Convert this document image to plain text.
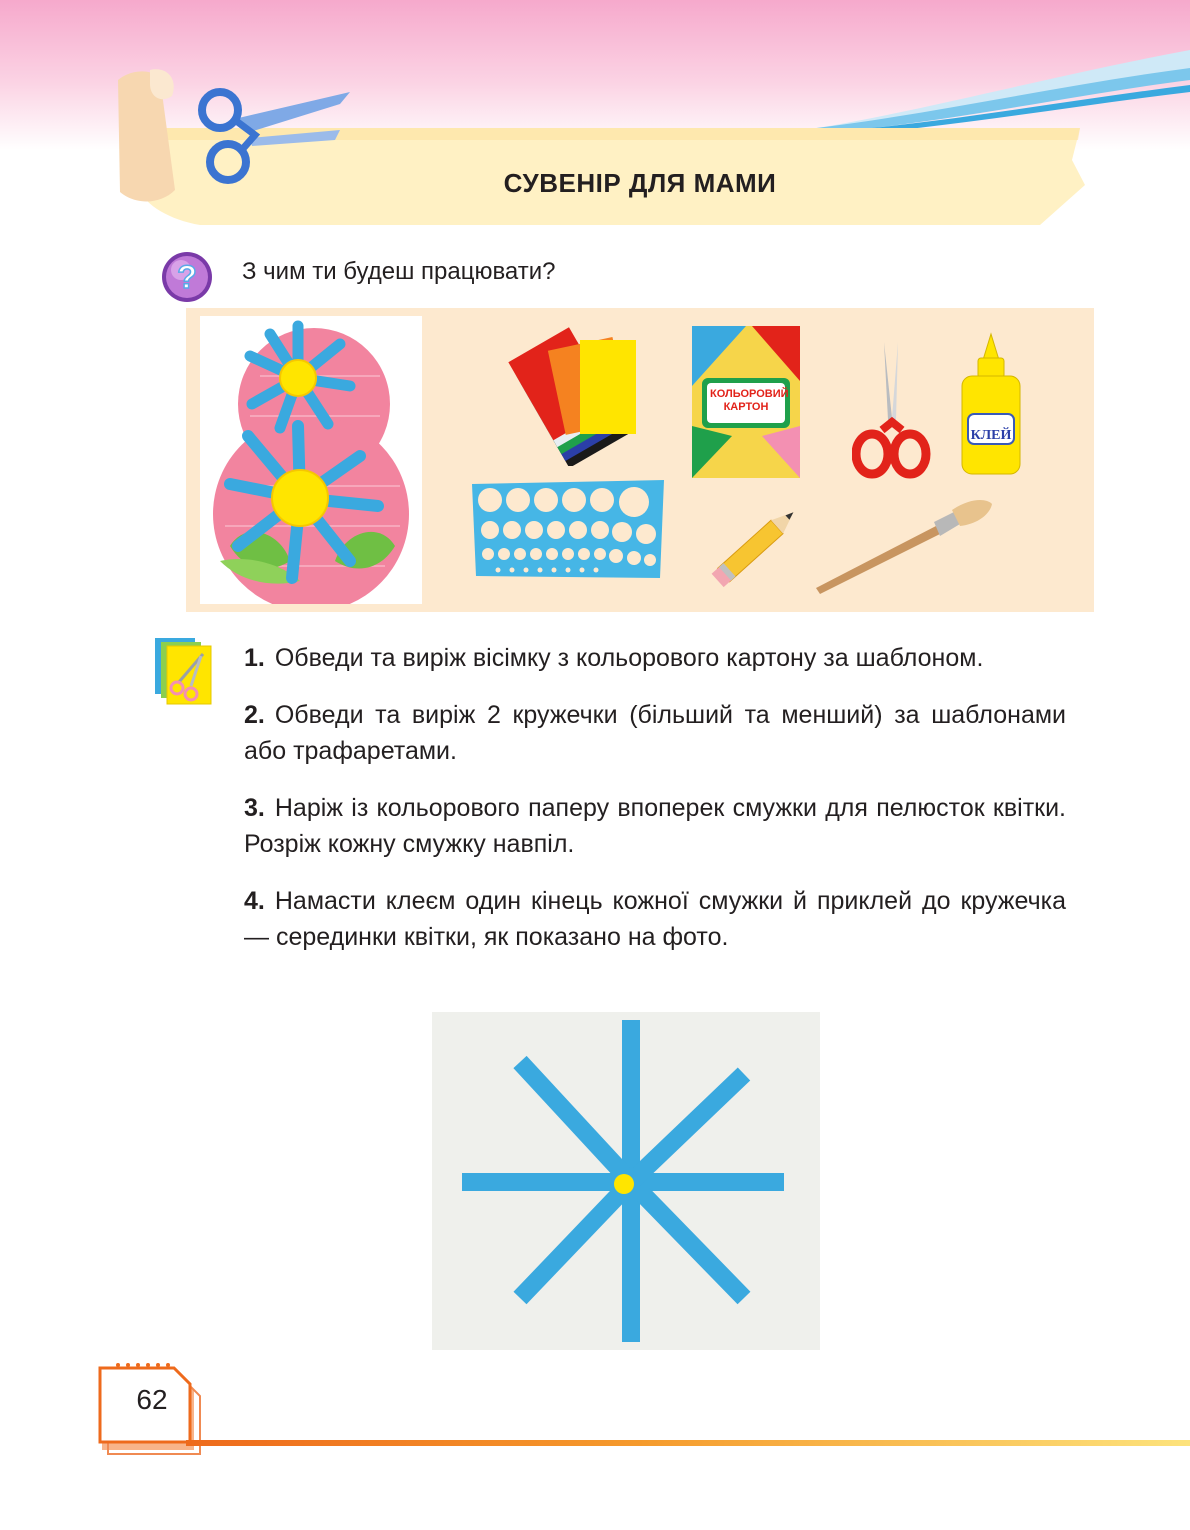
СУВЕНІР ДЛЯ МАМИ
? З чим ти будеш працювати?
КОЛЬОРОВИЙ КАРТОН
КЛЕЙ

1. Обведи та виріж вісімку з кольорового картону за шаблоном.

2. Обведи та виріж 2 кружечки (більший та менший) за шаблонами або трафаретами.

3. Наріж із кольорового паперу впоперек смужки для пелюсток квітки. Розріж кожну смужку навпіл.

4. Намасти клеєм один кінець кожної смужки й приклей до кружечка — серединки квітки, як показано на фото.

62
